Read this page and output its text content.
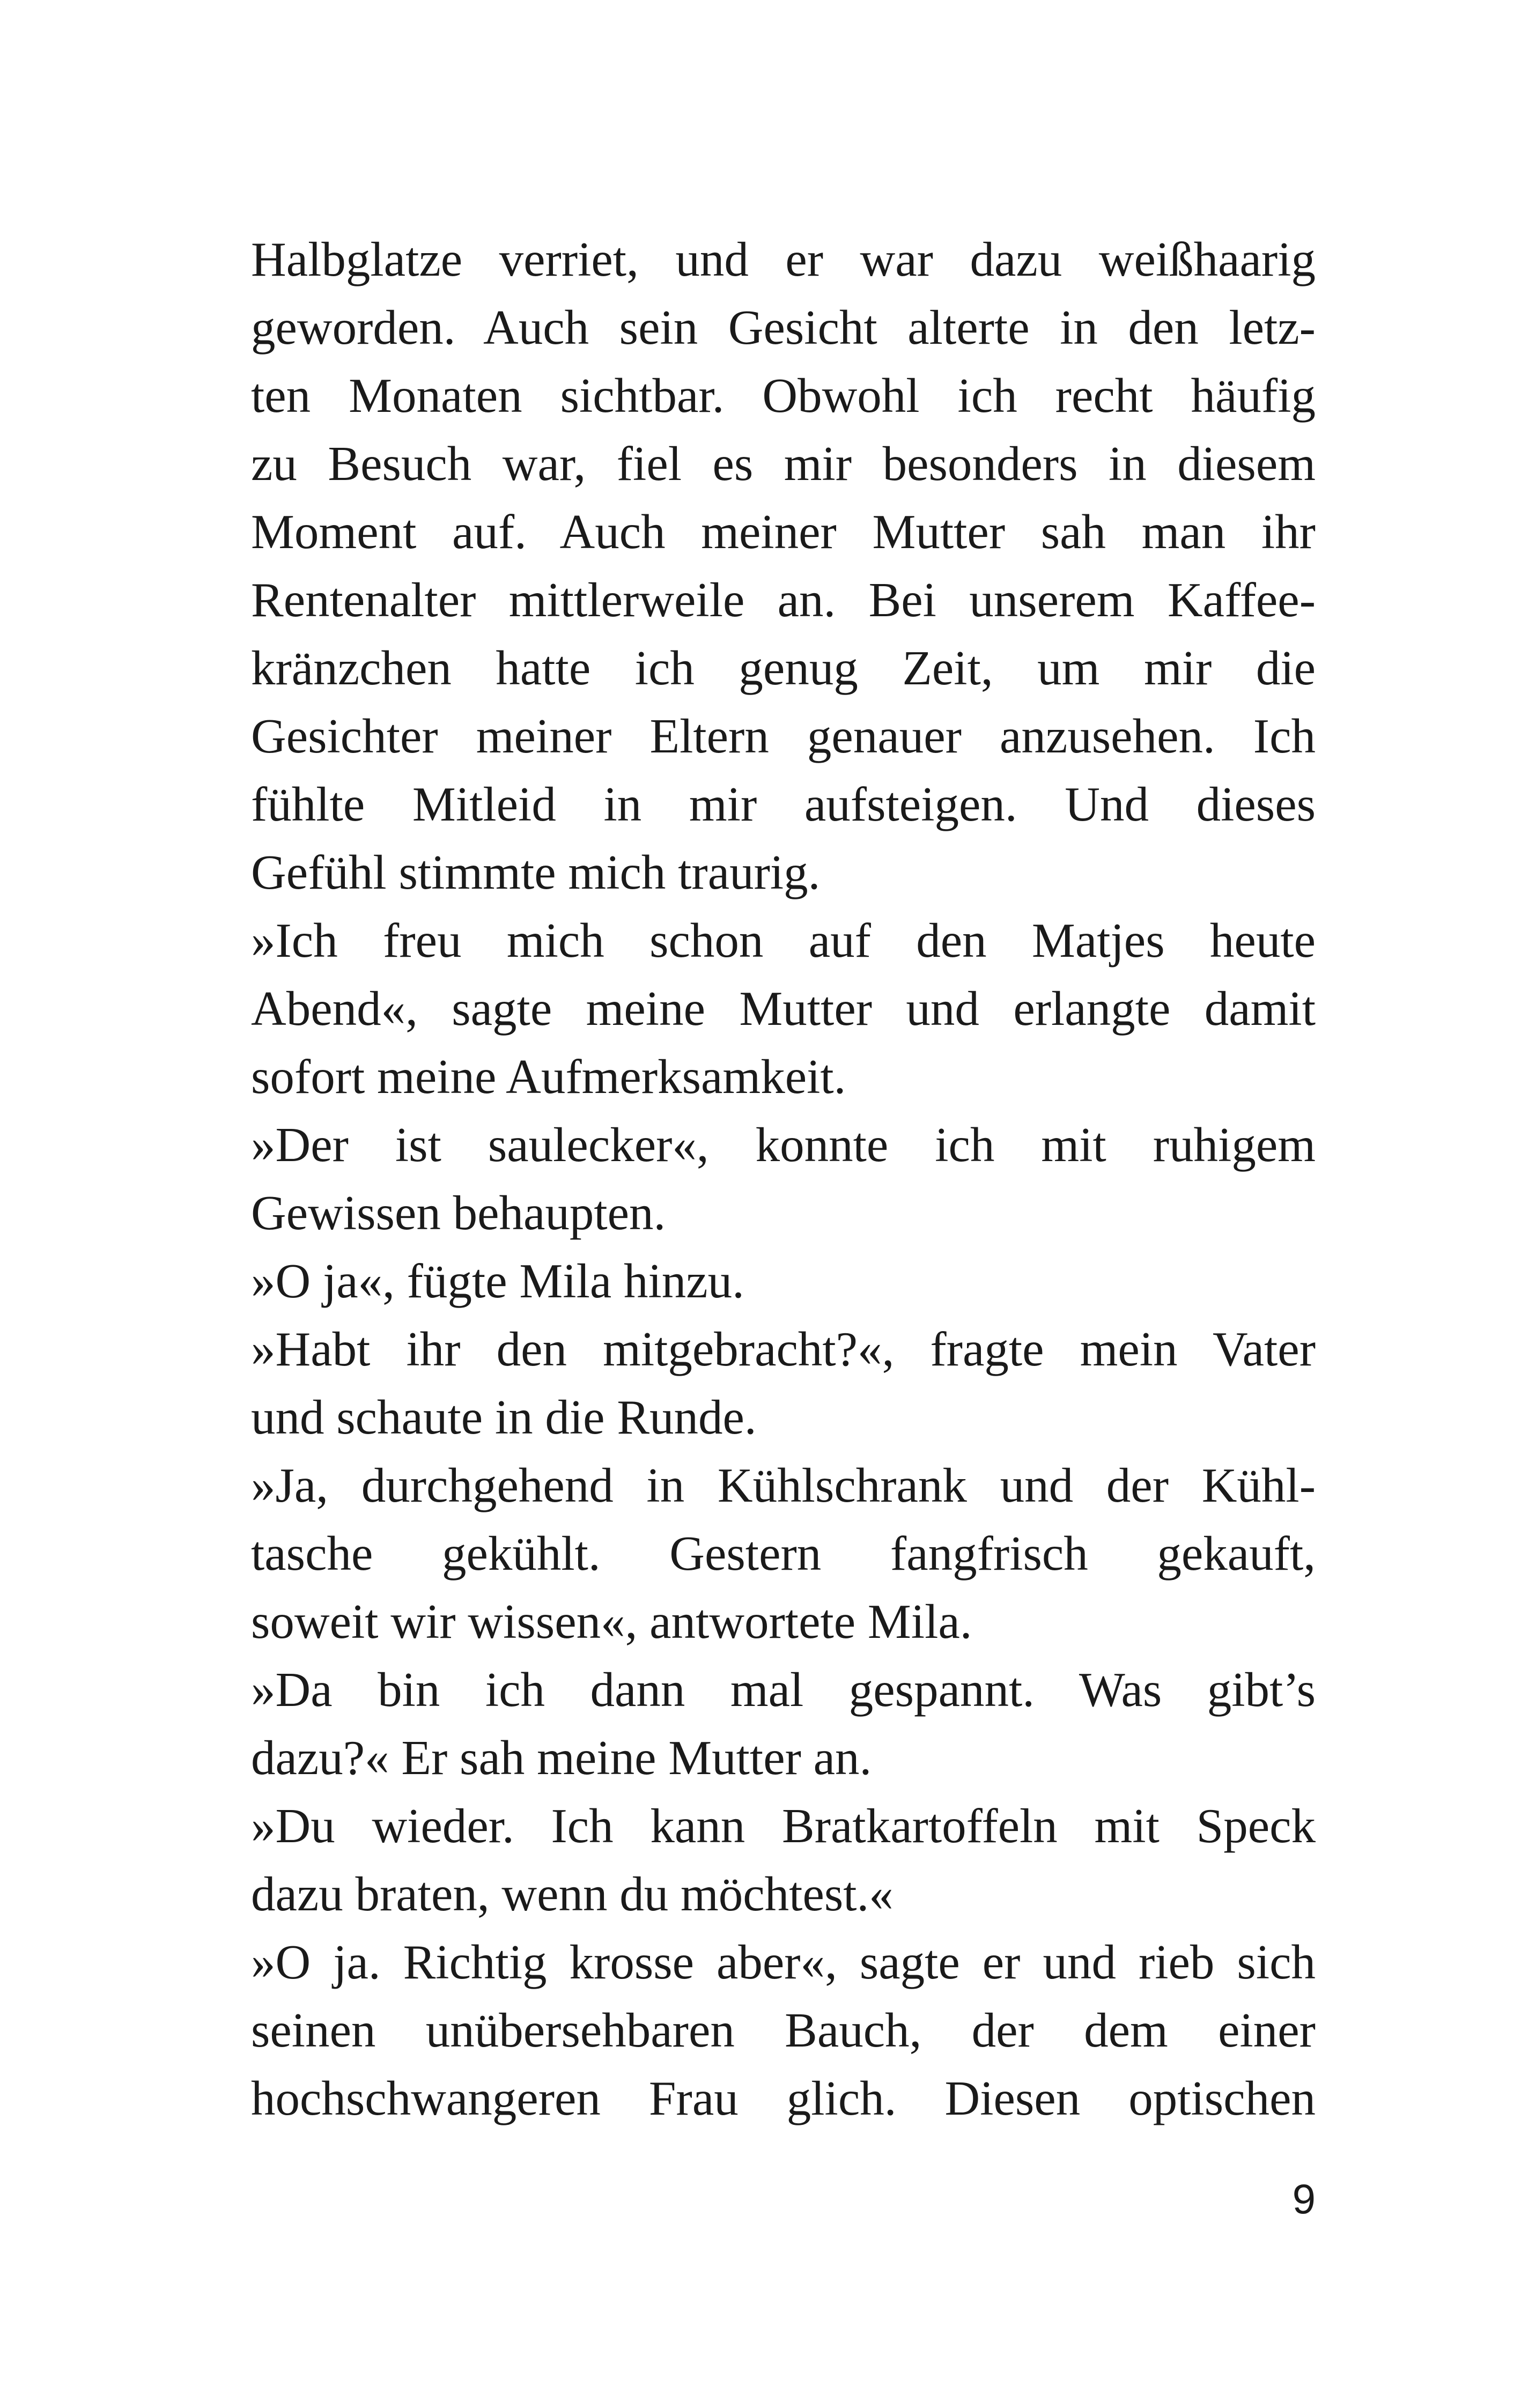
Halbglatze verriet, und er war dazu weißhaarig
geworden. Auch sein Gesicht alterte in den letz-
ten Monaten sichtbar. Obwohl ich recht häufig
zu Besuch war, fiel es mir besonders in diesem
Moment auf. Auch meiner Mutter sah man ihr
Rentenalter mittlerweile an. Bei unserem Kaffee-
kränzchen hatte ich genug Zeit, um mir die
Gesichter meiner Eltern genauer anzusehen. Ich
fühlte Mitleid in mir aufsteigen. Und dieses
Gefühl stimmte mich traurig.
»Ich freu mich schon auf den Matjes heute
Abend«, sagte meine Mutter und erlangte damit
sofort meine Aufmerksamkeit.
»Der ist saulecker«, konnte ich mit ruhigem
Gewissen behaupten.
»O ja«, fügte Mila hinzu.
»Habt ihr den mitgebracht?«, fragte mein Vater
und schaute in die Runde.
»Ja, durchgehend in Kühlschrank und der Kühl-
tasche gekühlt. Gestern fangfrisch gekauft,
soweit wir wissen«, antwortete Mila.
»Da bin ich dann mal gespannt. Was gibt’s
dazu?« Er sah meine Mutter an.
»Du wieder. Ich kann Bratkartoffeln mit Speck
dazu braten, wenn du möchtest.«
»O ja. Richtig krosse aber«, sagte er und rieb sich
seinen unübersehbaren Bauch, der dem einer
hochschwangeren Frau glich. Diesen optischen
9
